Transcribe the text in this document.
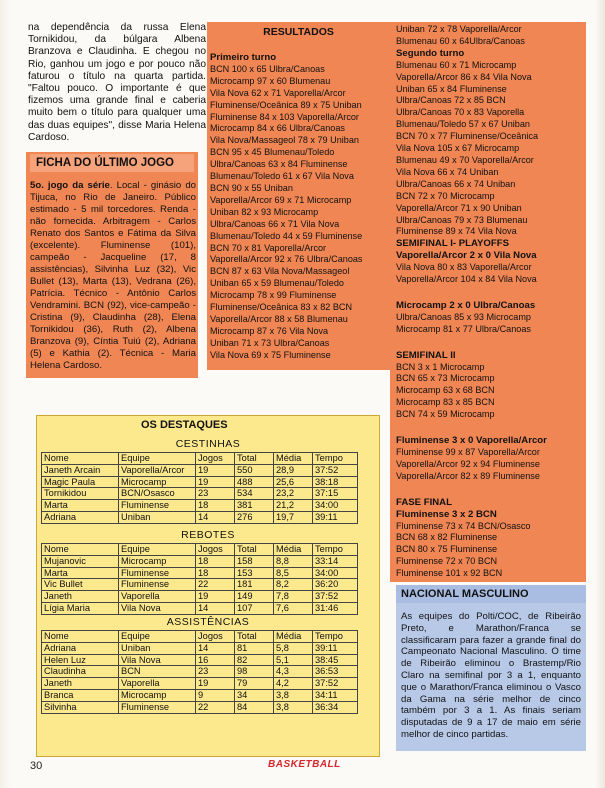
na dependência da russa Elena Tornikidou, da búlgara Albena Branzova e Claudinha. E chegou no Rio, ganhou um jogo e por pouco não faturou o título na quarta partida. "Faltou pouco. O importante é que fizemos uma grande final e caberia muito bem o título para qualquer uma das duas equipes", disse Maria Helena Cardoso.
FICHA DO ÚLTIMO JOGO
5o. jogo da série. Local - ginásio do Tijuca, no Rio de Janeiro. Público estimado - 5 mil torcedores. Renda - não fornecida. Arbitragem - Carlos Renato dos Santos e Fátima da Silva (excelente). Fluminense (101), campeão - Jacqueline (17, 8 assistências), Silvinha Luz (32), Vic Bullet (13), Marta (13), Vedrana (26), Patrícia. Técnico - Antônio Carlos Vendramini. BCN (92), vice-campeão - Cristina (9), Claudinha (28), Elena Tornikidou (36), Ruth (2), Albena Branzova (9), Cíntia Tuiú (2), Adriana (5) e Kathia (2). Técnica - Maria Helena Cardoso.
RESULTADOS
Primeiro turno
BCN 100 x 65 Ulbra/Canoas
Microcamp 97 x 60 Blumenau
Vila Nova 62 x 71 Vaporella/Arcor
Fluminense/Oceânica 89 x 75 Uniban
Fluminense 84 x 103 Vaporella/Arcor
Microcamp 84 x 66 Ulbra/Canoas
Vila Nova/Massageol 78 x 79 Uniban
BCN 95 x 45 Blumenau/Toledo
Ulbra/Canoas 63 x 84 Fluminense
Blumenau/Toledo 61 x 67 Vila Nova
BCN 90 x 55 Uniban
Vaporella/Arcor 69 x 71 Microcamp
Uniban 82 x 93 Microcamp
Ulbra/Canoas 66 x 71 Vila Nova
Blumenau/Toledo 44 x 59 Fluminense
BCN 70 x 81 Vaporella/Arcor
Vaporella/Arcor 92 x 76 Ulbra/Canoas
BCN 87 x 63 Vila Nova/Massageol
Uniban 65 x 59 Blumenau/Toledo
Microcamp 78 x 99 Fluminense
Fluminense/Oceânica 83 x 82 BCN
Vaporella/Arcor 88 x 58 Blumenau
Microcamp 87 x 76 Vila Nova
Uniban 71 x 73 Ulbra/Canoas
Vila Nova 69 x 75 Fluminense
Uniban 72 x 78 Vaporella/Arcor
Blumenau 60 x 64Ulbra/Canoas
Segundo turno
Blumenau 60 x 71 Microcamp
Vaporella/Arcor 86 x 84 Vila Nova
Uniban 65 x 84 Fluminense
Ulbra/Canoas 72 x 85 BCN
Ulbra/Canoas 70 x 83 Vaporella
Blumenau/Toledo 57 x 67 Uniban
BCN 70 x 77 Fluminense/Oceânica
Vila Nova 105 x 67 Microcamp
Blumenau 49 x 70 Vaporella/Arcor
Vila Nova 66 x 74 Uniban
Ulbra/Canoas 66 x 74 Uniban
BCN 72 x 70 Microcamp
Vaporella/Arcor 71 x 90 Uniban
Ulbra/Canoas 79 x 73 Blumenau
Fluminense 89 x 74 Vila Nova
SEMIFINAL I- PLAYOFFS
Vaporella/Arcor 2 x 0 Vila Nova
Vila Nova 80 x 83 Vaporella/Arcor
Vaporella/Arcor 104 x 84 Vila Nova
Microcamp 2 x 0 Ulbra/Canoas
Ulbra/Canoas 85 x 93 Microcamp
Microcamp 81 x 77 Ulbra/Canoas
SEMIFINAL II
BCN 3 x 1 Microcamp
BCN 65 x 73 Microcamp
Microcamp 63 x 68 BCN
Microcamp 83 x 85 BCN
BCN 74 x 59 Microcamp
Fluminense 3 x 0 Vaporella/Arcor
Fluminense 99 x 87 Vaporella/Arcor
Vaporella/Arcor 92 x 94 Fluminense
Vaporella/Arcor 82 x 89 Fluminense
FASE FINAL
Fluminense 3 x 2 BCN
Fluminense 73 x 74 BCN/Osasco
BCN 68 x 82 Fluminense
BCN 80 x 75 Fluminense
Fluminense 72 x 70 BCN
Fluminense 101 x 92 BCN
OS DESTAQUES
CESTINHAS
Nome	Equipe	Jogos	Total	Média	Tempo
Janeth Arcain	Vaporella/Arcor	19	550	28,9	37:52
Magic Paula	Microcamp	19	488	25,6	38:18
Tornikidou	BCN/Osasco	23	534	23,2	37:15
Marta	Fluminense	18	381	21,2	34:00
Adriana	Uniban	14	276	19,7	39:11
REBOTES
Nome	Equipe	Jogos	Total	Média	Tempo
Mujanovic	Microcamp	18	158	8,8	33:14
Marta	Fluminense	18	153	8,5	34:00
Vic Bullet	Fluminense	22	181	8,2	36:20
Janeth	Vaporella	19	149	7,8	37:52
Lígia Maria	Vila Nova	14	107	7,6	31:46
ASSISTÊNCIAS
Nome	Equipe	Jogos	Total	Média	Tempo
Adriana	Uniban	14	81	5,8	39:11
Helen Luz	Vila Nova	16	82	5,1	38:45
Claudinha	BCN	23	98	4,3	36:53
Janeth	Vaporella	19	79	4,2	37:52
Branca	Microcamp	9	34	3,8	34:11
Silvinha	Fluminense	22	84	3,8	36:34
NACIONAL MASCULINO
As equipes do Polti/COC, de Ribeirão Preto, e Marathon/Franca se classificaram para fazer a grande final do Campeonato Nacional Masculino. O time de Ribeirão eliminou o Brastemp/Rio Claro na semifinal por 3 a 1, enquanto que o Marathon/Franca eliminou o Vasco da Gama na série melhor de cinco também por 3 a 1. As finais seriam disputadas de 9 a 17 de maio em série melhor de cinco partidas.
30	BASKETBALL
